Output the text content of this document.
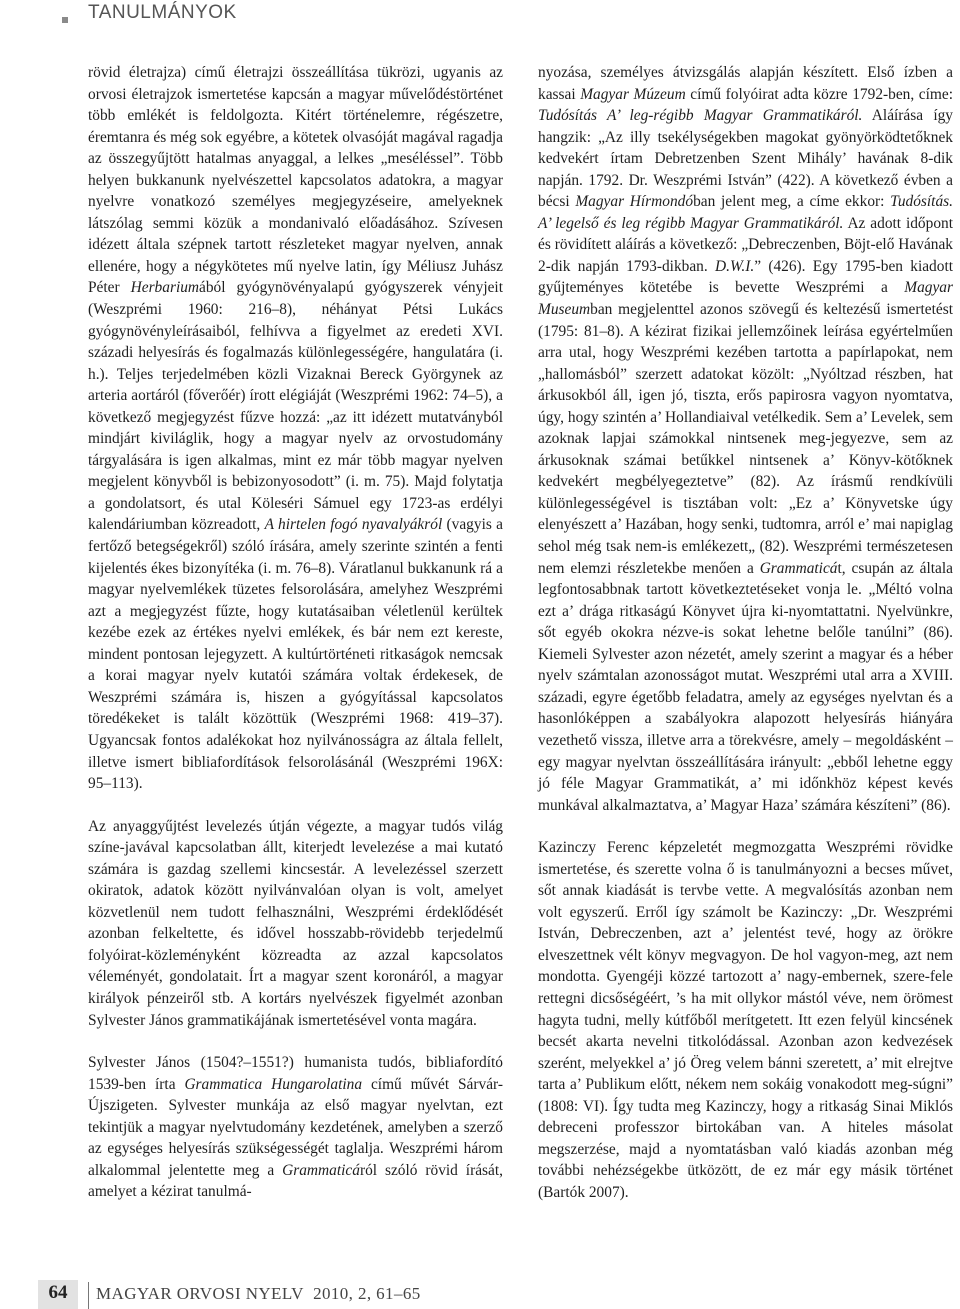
TANULMÁNYOK

rövid életrajza) című életrajzi összeállítása tükrözi, ugyanis az orvosi életrajzok ismertetése kapcsán a magyar művelődéstörténet több emlékét is feldolgozta. Kitért történelemre, régészetre, éremtanra és még sok egyébre, a kötetek olvasóját magával ragadja az összegyűjtött hatalmas anyaggal, a lelkes „meséléssel”. Több helyen bukkanunk nyelvészettel kapcsolatos adatokra, a magyar nyelvre vonatkozó személyes megjegyzéseire, amelyeknek látszólag semmi közük a mondanivaló előadásához. Szívesen idézett általa szépnek tartott részleteket magyar nyelven, annak ellenére, hogy a négykötetes mű nyelve latin, így Méliusz Juhász Péter Herbariumából gyógynövényalapú gyógyszerek vényjeit (Weszprémi 1960: 216–8), néhányat Pétsi Lukács gyógynövényleírásaiból, felhívva a figyelmet az eredeti XVI. századi helyesírás és fogalmazás különlegességére, hangulatára (i. h.). Teljes terjedelmében közli Vizaknai Bereck Györgynek az arteria aortáról (főverőér) írott elégiáját (Weszprémi 1962: 74–5), a következő megjegyzést fűzve hozzá: „az itt idézett mutatványból mindjárt kiviláglik, hogy a magyar nyelv az orvostudomány tárgyalására is igen alkalmas, mint ez már több magyar nyelven megjelent könyvből is bebizonyosodott” (i. m. 75). Majd folytatja a gondolatsort, és utal Köleséri Sámuel egy 1723-as erdélyi kalendáriumban közreadott, A hirtelen fogó nyavalyákról (vagyis a fertőző betegségekről) szóló írására, amely szerinte szintén a fenti kijelentés ékes bizonyítéka (i. m. 76–8). Váratlanul bukkanunk rá a magyar nyelvemlékek tüzetes felsorolására, amelyhez Weszprémi azt a megjegyzést fűzte, hogy kutatásaiban véletlenül kerültek kezébe ezek az értékes nyelvi emlékek, és bár nem ezt kereste, mindent pontosan lejegyzett. A kultúrtörténeti ritkaságok nemcsak a korai magyar nyelv kutatói számára voltak érdekesek, de Weszprémi számára is, hiszen a gyógyítással kapcsolatos töredékeket is talált közöttük (Weszprémi 1968: 419–37). Ugyancsak fontos adalékokat hoz nyilvánosságra az általa fellelt, illetve ismert bibliafordítások felsorolásánál (Weszprémi 196X: 95–113).

Az anyaggyűjtést levelezés útján végezte, a magyar tudós világ színe-javával kapcsolatban állt, kiterjedt levelezése a mai kutató számára is gazdag szellemi kincsestár. A levelezéssel szerzett okiratok, adatok között nyilvánvalóan olyan is volt, amelyet közvetlenül nem tudott felhasználni, Weszprémi érdeklődését azonban felkeltette, és idővel hosszabb-rövidebb terjedelmű folyóirat-közleményként közreadta az azzal kapcsolatos véleményét, gondolatait. Írt a magyar szent koronáról, a magyar királyok pénzeiről stb. A kortárs nyelvészek figyelmét azonban Sylvester János grammatikájának ismertetésével vonta magára.

Sylvester János (1504?–1551?) humanista tudós, bibliafordító 1539-ben írta Grammatica Hungarolatina című művét Sárvár-Újszigeten. Sylvester munkája az első magyar nyelvtan, ezt tekintjük a magyar nyelvtudomány kezdetének, amelyben a szerző az egységes helyesírás szükségességét taglalja. Weszprémi három alkalommal jelentette meg a Grammaticáról szóló rövid írását, amelyet a kézirat tanulmá-

nyozása, személyes átvizsgálás alapján készített. Első ízben a kassai Magyar Múzeum című folyóirat adta közre 1792-ben, címe: Tudósítás A’ leg-régibb Magyar Grammatikáról. Aláírása így hangzik: „Az illy tsekélységekben magokat gyönyörködtetőknek kedvekért írtam Debretzenben Szent Mihály’ havának 8-dik napján. 1792. Dr. Weszprémi István” (422). A következő évben a bécsi Magyar Hírmondóban jelent meg, a címe ekkor: Tudósítás. A’ legelső és leg régibb Magyar Grammatikáról. Az adott időpont és rövidített aláírás a következő: „Debreczenben, Böjt-elő Havának 2-dik napján 1793-dikban. D.W.I.” (426). Egy 1795-ben kiadott gyűjteményes kötetébe is bevette Weszprémi a Magyar Museumban megjelenttel azonos szövegű és keltezésű ismertetést (1795: 81–8). A kézirat fizikai jellemzőinek leírása egyértelműen arra utal, hogy Weszprémi kezében tartotta a papírlapokat, nem „hallomásból” szerzett adatokat közölt: „Nyóltzad részben, hat árkusokból áll, igen jó, tiszta, erős papirosra vagyon nyomtatva, úgy, hogy szintén a’ Hollandiaival vetélkedik. Sem a’ Levelek, sem azoknak lapjai számokkal nintsenek meg-jegyezve, sem az árkusoknak számai betűkkel nintsenek a’ Könyv-kötőknek kedvekért megbélyegeztetve” (82). Az írásmű rendkívüli különlegességével is tisztában volt: „Ez a’ Könyvetske úgy elenyészett a’ Hazában, hogy senki, tudtomra, arról e’ mai napiglag sehol még tsak nem-is emlékezett„ (82). Weszprémi természetesen nem elemzi részletekbe menően a Grammaticát, csupán az általa legfontosabbnak tartott következtetéseket vonja le. „Méltó volna ezt a’ drága ritkaságú Könyvet újra ki-nyomtattatni. Nyelvünkre, sőt egyéb okokra nézve-is sokat lehetne belőle tanúlni” (86). Kiemeli Sylvester azon nézetét, amely szerint a magyar és a héber nyelv számtalan azonosságot mutat. Weszprémi utal arra a XVIII. századi, egyre égetőbb feladatra, amely az egységes nyelvtan és a hasonlóképpen a szabályokra alapozott helyesírás hiányára vezethető vissza, illetve arra a törekvésre, amely – megoldásként – egy magyar nyelvtan összeállítására irányult: „ebből lehetne eggy jó féle Magyar Grammatikát, a’ mi időnkhöz képest kevés munkával alkalmaztatva, a’ Magyar Haza’ számára készíteni” (86).

Kazinczy Ferenc képzeletét megmozgatta Weszprémi rövidke ismertetése, és szerette volna ő is tanulmányozni a becses művet, sőt annak kiadását is tervbe vette. A megvalósítás azonban nem volt egyszerű. Erről így számolt be Kazinczy: „Dr. Weszprémi István, Debreczenben, azt a’ jelentést tevé, hogy az örökre elveszettnek vélt könyv megvagyon. De hol vagyon-meg, azt nem mondotta. Gyengéji közzé tartozott a’ nagy-embernek, szere-fele rettegni dicsőségéért, ’s ha mit ollykor mástól véve, nem örömest hagyta tudni, melly kútfőből merítgetett. Itt ezen felyül kincsének becsét akarta nevelni titkolódással. Azonban azon kedvezések szerént, melyekkel a’ jó Öreg velem bánni szeretett, a’ mit elrejtve tarta a’ Publikum előtt, nékem nem sokáig vonakodott meg-súgni” (1808: VI). Így tudta meg Kazinczy, hogy a ritkaság Sinai Miklós debreceni professzor birtokában van. A hiteles másolat megszerzése, majd a nyomtatásban való kiadás azonban még további nehézségekbe ütközött, de ez már egy másik történet (Bartók 2007).

64	MAGYAR ORVOSI NYELV 2010, 2, 61–65
